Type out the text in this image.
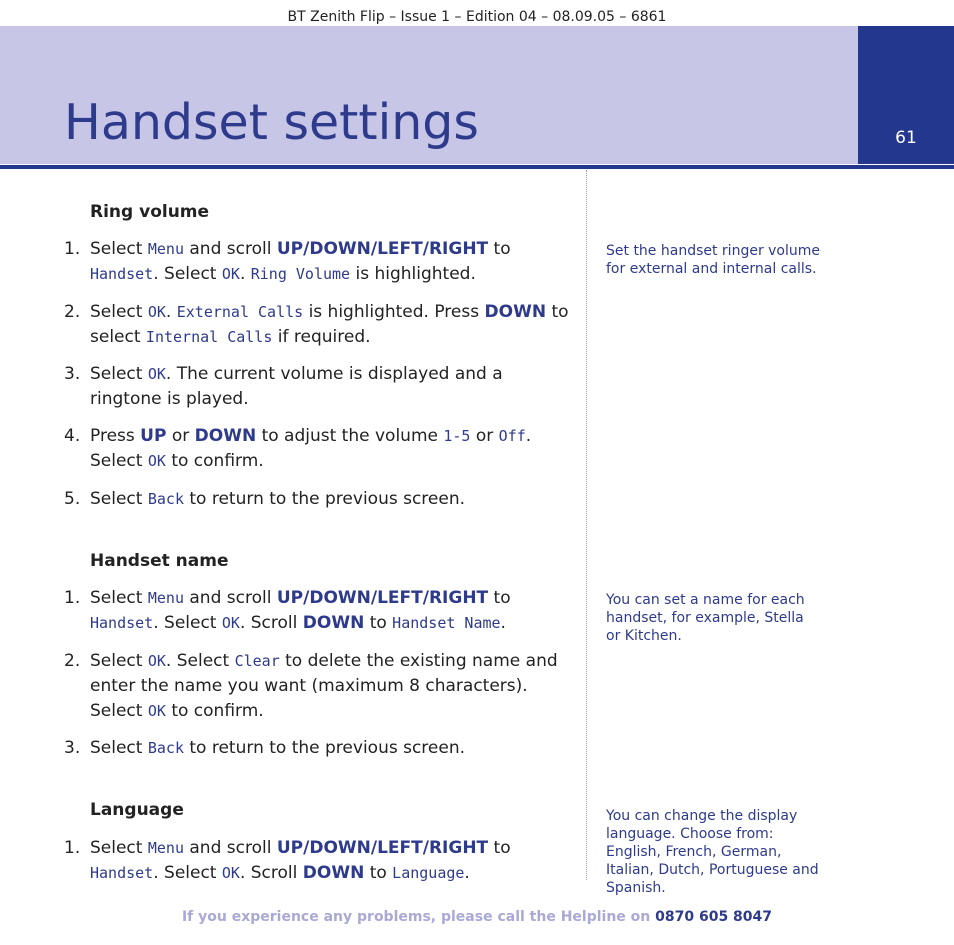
BT Zenith Flip – Issue 1 – Edition 04 – 08.09.05 – 6861
Handset settings	61
Ring volume
1. Select Menu and scroll UP/DOWN/LEFT/RIGHT to Handset. Select OK. Ring Volume is highlighted.
2. Select OK. External Calls is highlighted. Press DOWN to select Internal Calls if required.
3. Select OK. The current volume is displayed and a ringtone is played.
4. Press UP or DOWN to adjust the volume 1-5 or Off. Select OK to confirm.
5. Select Back to return to the previous screen.
Set the handset ringer volume for external and internal calls.
Handset name
1. Select Menu and scroll UP/DOWN/LEFT/RIGHT to Handset. Select OK. Scroll DOWN to Handset Name.
2. Select OK. Select Clear to delete the existing name and enter the name you want (maximum 8 characters). Select OK to confirm.
3. Select Back to return to the previous screen.
You can set a name for each handset, for example, Stella or Kitchen.
Language
1. Select Menu and scroll UP/DOWN/LEFT/RIGHT to Handset. Select OK. Scroll DOWN to Language.
You can change the display language. Choose from: English, French, German, Italian, Dutch, Portuguese and Spanish.
If you experience any problems, please call the Helpline on 0870 605 8047
